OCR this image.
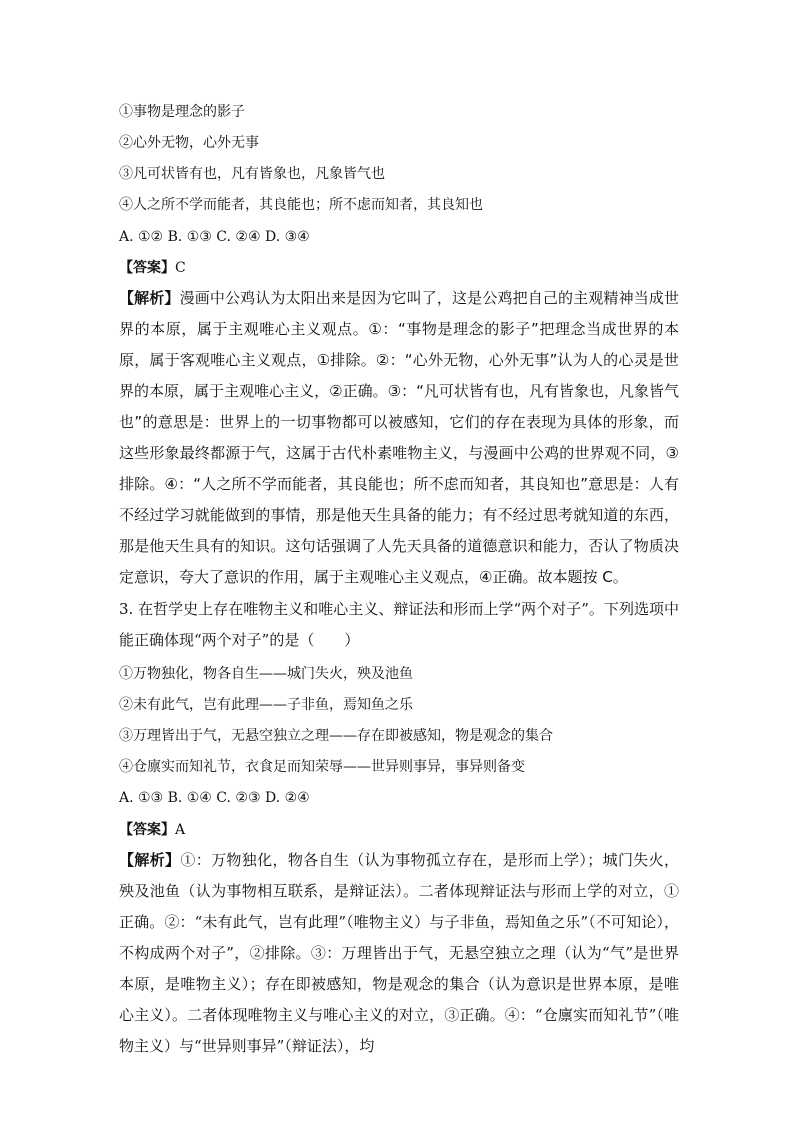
①事物是理念的影子
②心外无物，心外无事
③凡可状皆有也，凡有皆象也，凡象皆气也
④人之所不学而能者，其良能也；所不虑而知者，其良知也
A. ①② B. ①③ C. ②④ D. ③④
【答案】C
【解析】漫画中公鸡认为太阳出来是因为它叫了，这是公鸡把自己的主观精神当成世界的本原，属于主观唯心主义观点。①：“事物是理念的影子”把理念当成世界的本原，属于客观唯心主义观点，①排除。②：“心外无物，心外无事”认为人的心灵是世界的本原，属于主观唯心主义，②正确。③：“凡可状皆有也，凡有皆象也，凡象皆气也”的意思是：世界上的一切事物都可以被感知，它们的存在表现为具体的形象，而这些形象最终都源于气，这属于古代朴素唯物主义，与漫画中公鸡的世界观不同，③排除。④：“人之所不学而能者，其良能也；所不虑而知者，其良知也”意思是：人有不经过学习就能做到的事情，那是他天生具备的能力；有不经过思考就知道的东西，那是他天生具有的知识。这句话强调了人先天具备的道德意识和能力，否认了物质决定意识，夸大了意识的作用，属于主观唯心主义观点，④正确。故本题按 C。
3. 在哲学史上存在唯物主义和唯心主义、辩证法和形而上学“两个对子”。下列选项中能正确体现“两个对子”的是（　　）
①万物独化，物各自生——城门失火，殃及池鱼
②未有此气，岂有此理——子非鱼，焉知鱼之乐
③万理皆出于气，无悬空独立之理——存在即被感知，物是观念的集合
④仓廪实而知礼节，衣食足而知荣辱——世异则事异，事异则备变
A. ①③ B. ①④ C. ②③ D. ②④
【答案】A
【解析】①：万物独化，物各自生（认为事物孤立存在，是形而上学）；城门失火，殃及池鱼（认为事物相互联系，是辩证法）。二者体现辩证法与形而上学的对立，①正确。②：“未有此气，岂有此理”（唯物主义）与子非鱼，焉知鱼之乐”（不可知论），不构成两个对子”，②排除。③：万理皆出于气，无悬空独立之理（认为“气”是世界本原，是唯物主义）；存在即被感知，物是观念的集合（认为意识是世界本原，是唯心主义）。二者体现唯物主义与唯心主义的对立，③正确。④：“仓廪实而知礼节”（唯物主义）与“世异则事异”（辩证法），均
